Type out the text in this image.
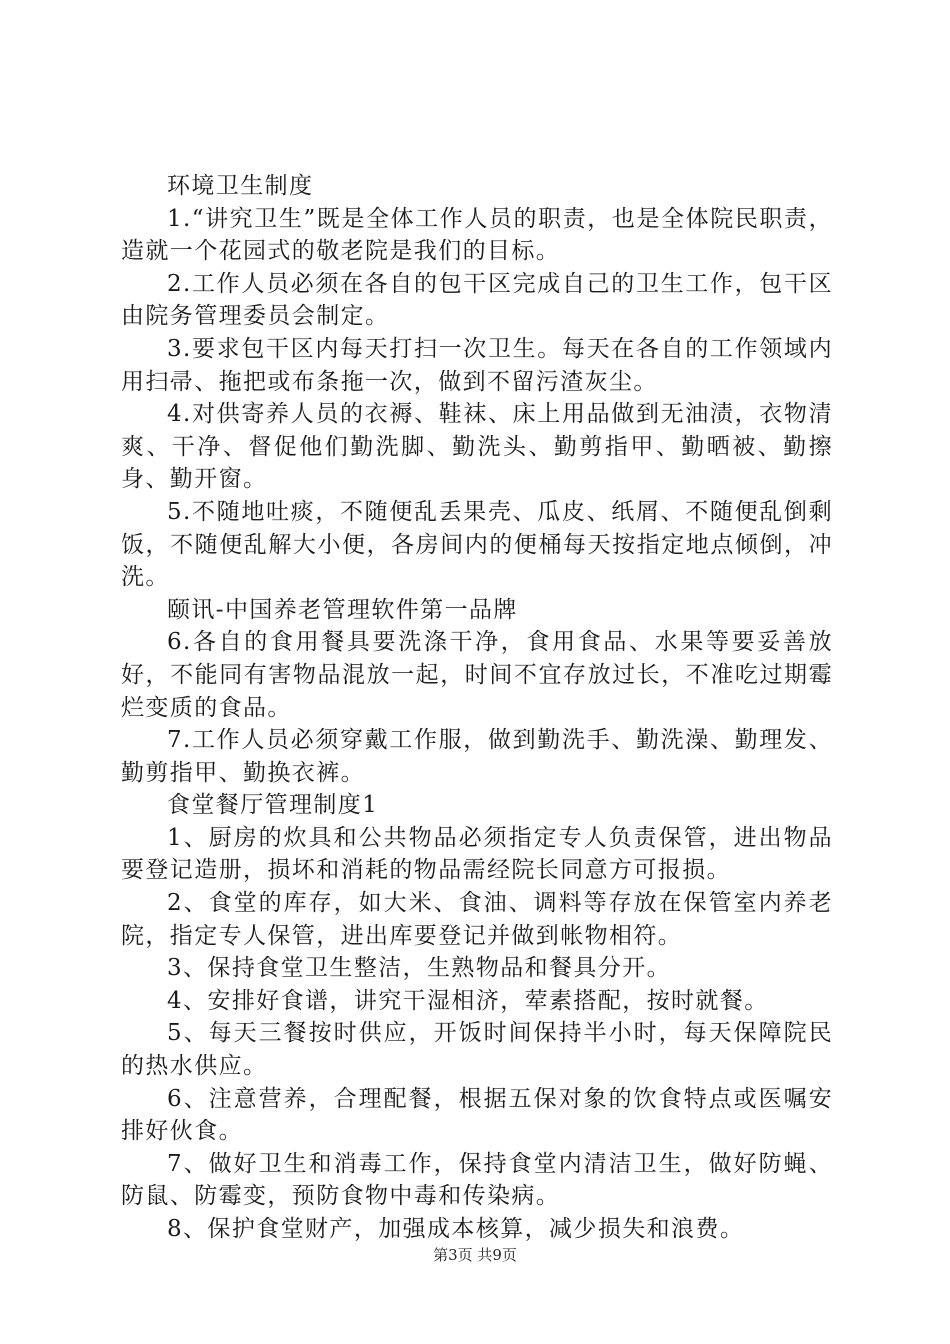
环境卫生制度

1.“讲究卫生”既是全体工作人员的职责，也是全体院民职责，造就一个花园式的敬老院是我们的目标。

2.工作人员必须在各自的包干区完成自己的卫生工作，包干区由院务管理委员会制定。

3.要求包干区内每天打扫一次卫生。每天在各自的工作领域内用扫帚、拖把或布条拖一次，做到不留污渣灰尘。

4.对供寄养人员的衣褥、鞋袜、床上用品做到无油渍，衣物清爽、干净、督促他们勤洗脚、勤洗头、勤剪指甲、勤晒被、勤擦身、勤开窗。

5.不随地吐痰，不随便乱丢果壳、瓜皮、纸屑、不随便乱倒剩饭，不随便乱解大小便，各房间内的便桶每天按指定地点倾倒，冲洗。

颐讯-中国养老管理软件第一品牌

6.各自的食用餐具要洗涤干净，食用食品、水果等要妥善放好，不能同有害物品混放一起，时间不宜存放过长，不准吃过期霉烂变质的食品。

7.工作人员必须穿戴工作服，做到勤洗手、勤洗澡、勤理发、勤剪指甲、勤换衣裤。

食堂餐厅管理制度1

1、厨房的炊具和公共物品必须指定专人负责保管，进出物品要登记造册，损坏和消耗的物品需经院长同意方可报损。

2、食堂的库存，如大米、食油、调料等存放在保管室内养老院，指定专人保管，进出库要登记并做到帐物相符。

3、保持食堂卫生整洁，生熟物品和餐具分开。

4、安排好食谱，讲究干湿相济，荤素搭配，按时就餐。

5、每天三餐按时供应，开饭时间保持半小时，每天保障院民的热水供应。

6、注意营养，合理配餐，根据五保对象的饮食特点或医嘱安排好伙食。

7、做好卫生和消毒工作，保持食堂内清洁卫生，做好防蝇、防鼠、防霉变，预防食物中毒和传染病。

8、保护食堂财产，加强成本核算，减少损失和浪费。

第3页 共9页
